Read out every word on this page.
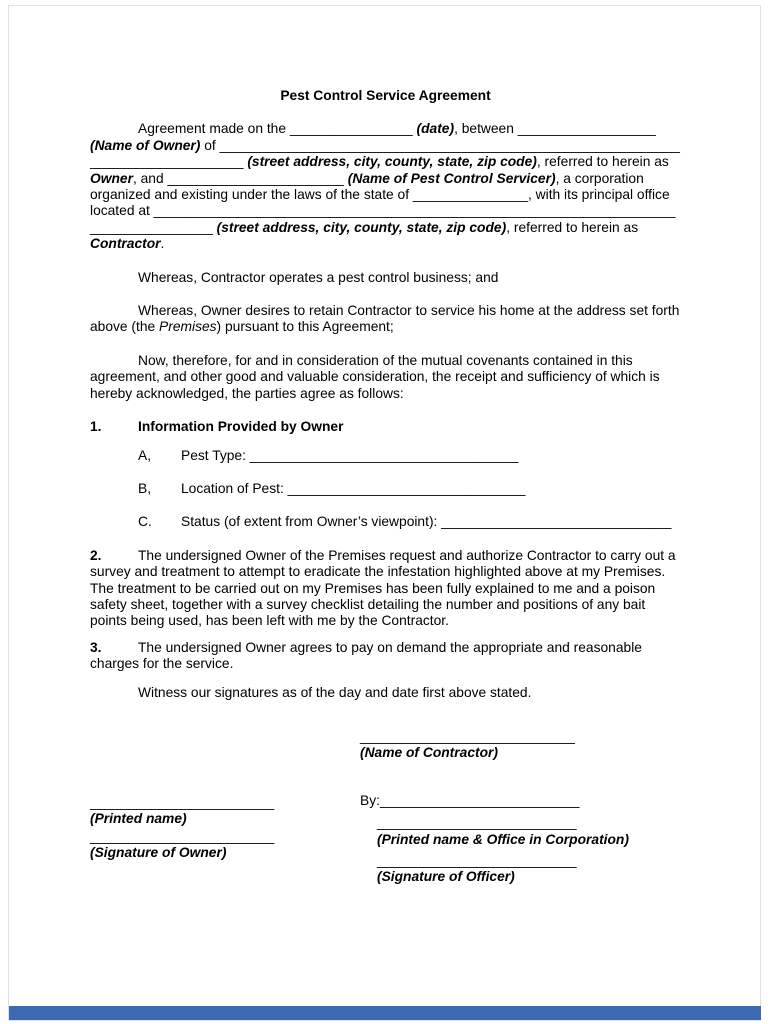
Pest Control Service Agreement

Agreement made on the ________________ (date), between __________________ (Name of Owner) of ________________________________________________________________________________ (street address, city, county, state, zip code), referred to herein as Owner, and _______________________ (Name of Pest Control Servicer), a corporation organized and existing under the laws of the state of _______________, with its principal office located at ____________________________________________________________________________________ (street address, city, county, state, zip code), referred to herein as Contractor.

Whereas, Contractor operates a pest control business; and

Whereas, Owner desires to retain Contractor to service his home at the address set forth above (the Premises) pursuant to this Agreement;

Now, therefore, for and in consideration of the mutual covenants contained in this agreement, and other good and valuable consideration, the receipt and sufficiency of which is hereby acknowledged, the parties agree as follows:

1.	Information Provided by Owner

A, Pest Type: ___________________________________

B, Location of Pest: _______________________________

C. Status (of extent from Owner’s viewpoint): ______________________________

2.	The undersigned Owner of the Premises request and authorize Contractor to carry out a survey and treatment to attempt to eradicate the infestation highlighted above at my Premises. The treatment to be carried out on my Premises has been fully explained to me and a poison safety sheet, together with a survey checklist detailing the number and positions of any bait points being used, has been left with me by the Contractor.

3.	The undersigned Owner agrees to pay on demand the appropriate and reasonable charges for the service.

Witness our signatures as of the day and date first above stated.

________________________
(Printed name)
________________________
(Signature of Owner)
____________________________
(Name of Contractor)
By:__________________________
__________________________
(Printed name & Office in Corporation)
__________________________
(Signature of Officer)
